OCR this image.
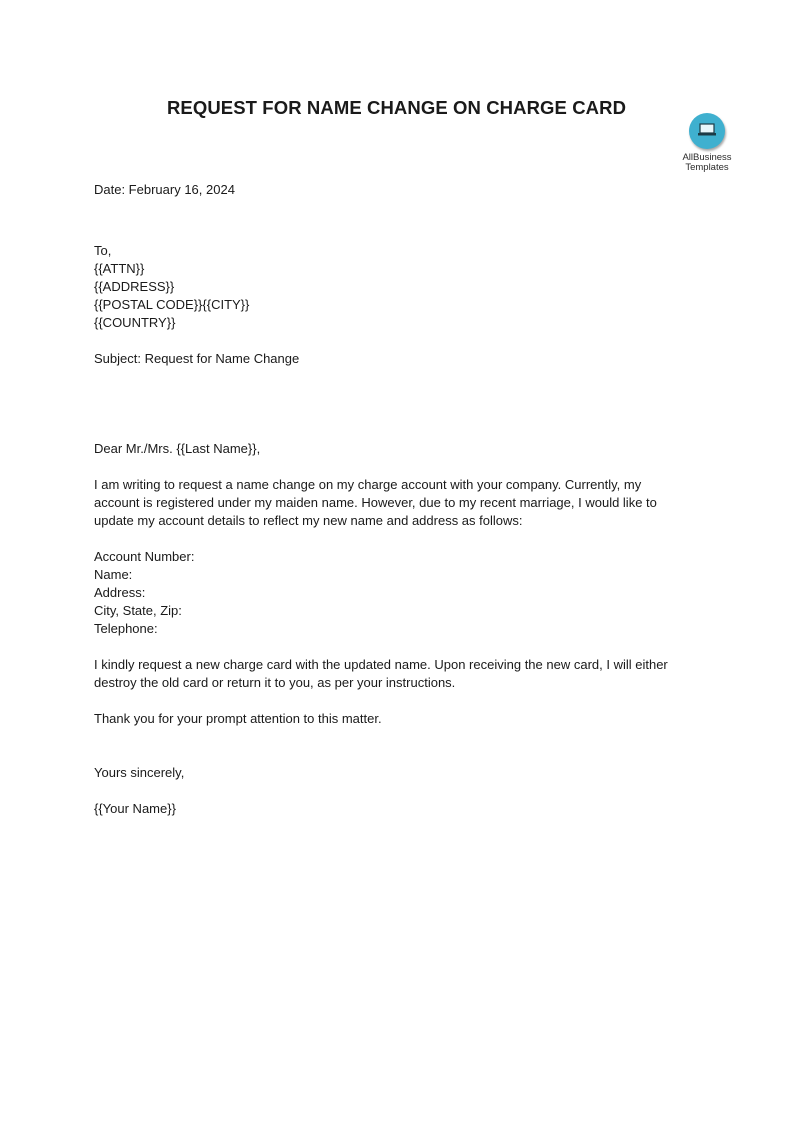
REQUEST FOR NAME CHANGE ON CHARGE CARD
AllBusiness
Templates
Date: February 16, 2024
To,
{{ATTN}}
{{ADDRESS}}
{{POSTAL CODE}}{{CITY}}
{{COUNTRY}}
Subject: Request for Name Change
Dear Mr./Mrs. {{Last Name}},
I am writing to request a name change on my charge account with your company. Currently, my
account is registered under my maiden name. However, due to my recent marriage, I would like to
update my account details to reflect my new name and address as follows:
Account Number:
Name:
Address:
City, State, Zip:
Telephone:
I kindly request a new charge card with the updated name. Upon receiving the new card, I will either
destroy the old card or return it to you, as per your instructions.
Thank you for your prompt attention to this matter.
Yours sincerely,
{{Your Name}}
